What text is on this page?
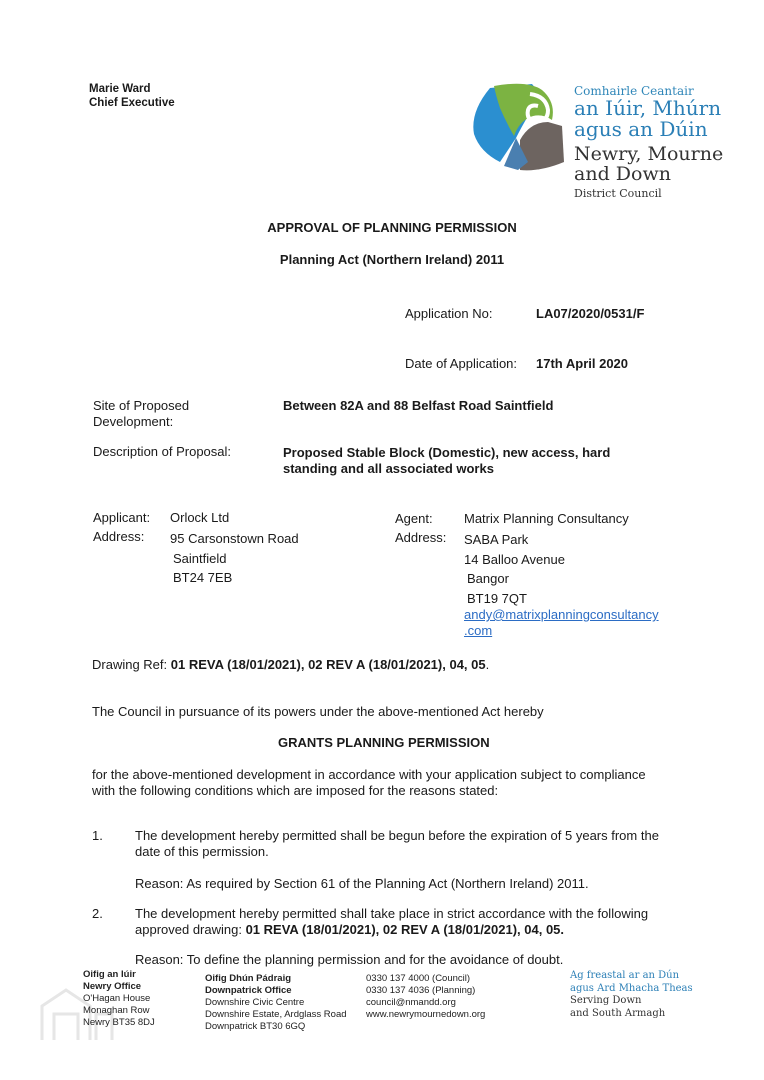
Marie Ward
Chief Executive
Comhairle Ceantair
an Iúir, Mhúrn
agus an Dúin
Newry, Mourne
and Down
District Council
APPROVAL OF PLANNING PERMISSION
Planning Act (Northern Ireland) 2011
Application No:	LA07/2020/0531/F
Date of Application: 17th April 2020
Site of Proposed
Development:
Between 82A and 88 Belfast Road Saintfield
Description of Proposal:	Proposed Stable Block (Domestic), new access, hard
standing and all associated works
Applicant: Orlock Ltd
Address: 95 Carsonstown Road
Saintfield
BT24 7EB
Agent: Matrix Planning Consultancy
Address: SABA Park
14 Balloo Avenue
Bangor
BT19 7QT
andy@matrixplanningconsultancy
.com
Drawing Ref: 01 REVA (18/01/2021), 02 REV A (18/01/2021), 04, 05.
The Council in pursuance of its powers under the above-mentioned Act hereby
GRANTS PLANNING PERMISSION
for the above-mentioned development in accordance with your application subject to compliance
with the following conditions which are imposed for the reasons stated:
1. The development hereby permitted shall be begun before the expiration of 5 years from the
date of this permission.
Reason: As required by Section 61 of the Planning Act (Northern Ireland) 2011.
2. The development hereby permitted shall take place in strict accordance with the following
approved drawing: 01 REVA (18/01/2021), 02 REV A (18/01/2021), 04, 05.
Reason: To define the planning permission and for the avoidance of doubt.
Oifig an Iúir
Newry Office
O'Hagan House
Monaghan Row
Newry BT35 8DJ
Oifig Dhún Pádraig
Downpatrick Office
Downshire Civic Centre
Downshire Estate, Ardglass Road
Downpatrick BT30 6GQ
0330 137 4000 (Council)
0330 137 4036 (Planning)
council@nmandd.org
www.newrymournedown.org
Ag freastal ar an Dún
agus Ard Mhacha Theas
Serving Down
and South Armagh
